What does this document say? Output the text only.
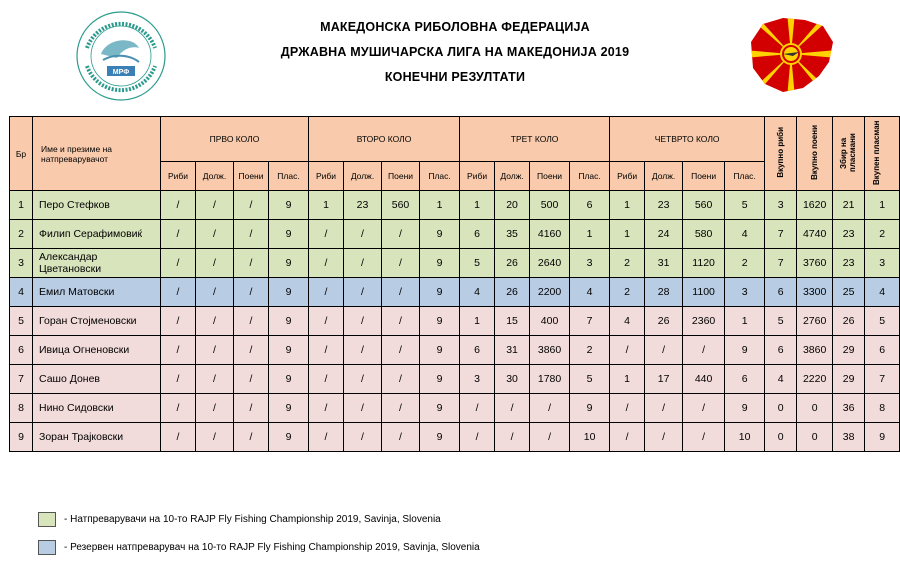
МРФ
МАКЕДОНСКА РИБОЛОВНА ФЕДЕРАЦИЈА
ДРЖАВНА МУШИЧАРСКА ЛИГА НА МАКЕДОНИЈА 2019
КОНЕЧНИ РЕЗУЛТАТИ
Бр	Име и презиме на натпреварувачот	ПРВО КОЛО				ВТОРО КОЛО				ТРЕТ КОЛО				ЧЕТВРТО КОЛО				Вкупно риби	Вкупно поени	Збир на пласмани	Вкупен пласман
		Риби	Долж.	Поени	Плас.	Риби	Долж.	Поени	Плас.	Риби	Долж.	Поени	Плас.	Риби	Долж.	Поени	Плас.				
1	Перо Стефков	/	/	/	9	1	23	560	1	1	20	500	6	1	23	560	5	3	1620	21	1
2	Филип Серафимовиќ	/	/	/	9	/	/	/	9	6	35	4160	1	1	24	580	4	7	4740	23	2
3	Александар Цветановски	/	/	/	9	/	/	/	9	5	26	2640	3	2	31	1120	2	7	3760	23	3
4	Емил Матовски	/	/	/	9	/	/	/	9	4	26	2200	4	2	28	1100	3	6	3300	25	4
5	Горан Стојменовски	/	/	/	9	/	/	/	9	1	15	400	7	4	26	2360	1	5	2760	26	5
6	Ивица Огненовски	/	/	/	9	/	/	/	9	6	31	3860	2	/	/	/	9	6	3860	29	6
7	Сашо Донев	/	/	/	9	/	/	/	9	3	30	1780	5	1	17	440	6	4	2220	29	7
8	Нино Сидовски	/	/	/	9	/	/	/	9	/	/	/	9	/	/	/	9	0	0	36	8
9	Зоран Трајковски	/	/	/	9	/	/	/	9	/	/	/	10	/	/	/	10	0	0	38	9
- Натпреварувачи на 10-то RAJP Fly Fishing Championship 2019, Savinja, Slovenia
- Резервен натпреварувач на 10-то RAJP Fly Fishing Championship 2019, Savinja, Slovenia
